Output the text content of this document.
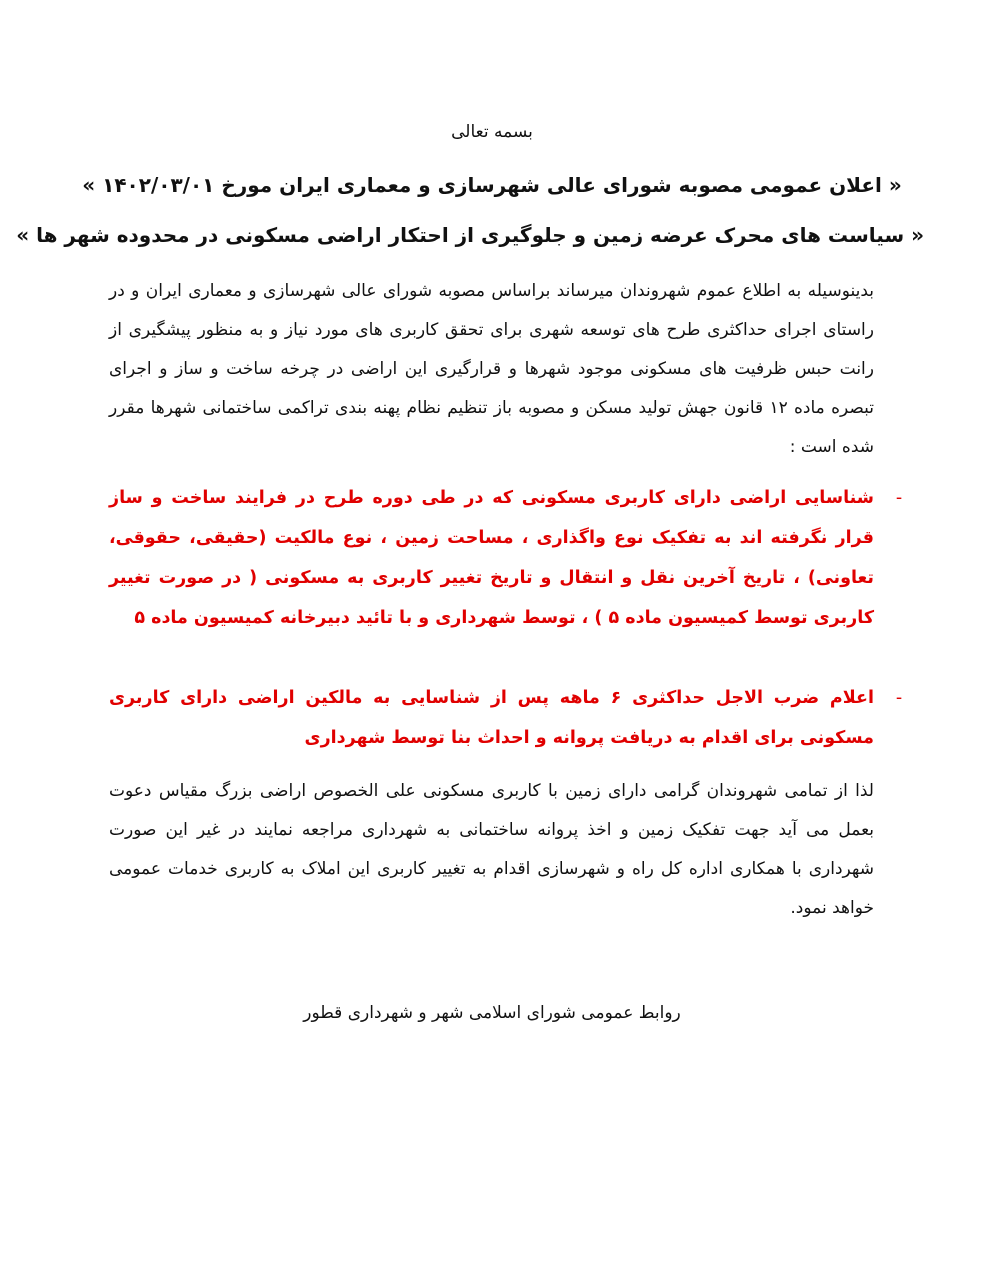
بسمه تعالی
« اعلان عمومی مصوبه شورای عالی شهرسازی و معماری ایران مورخ ۱۴۰۲/۰۳/۰۱ »
« سیاست های محرک عرضه زمین و جلوگیری از احتکار اراضی مسکونی در محدوده شهر ها »
بدینوسیله به اطلاع عموم شهروندان میرساند براساس مصوبه شورای عالی شهرسازی و معماری ایران و در راستای اجرای حداکثری طرح های توسعه شهری برای تحقق کاربری های مورد نیاز و به منظور پیشگیری از رانت حبس ظرفیت های مسکونی موجود شهرها و قرارگیری این اراضی در چرخه ساخت و ساز و اجرای تبصره ماده ۱۲ قانون جهش تولید مسکن و مصوبه باز تنظیم نظام پهنه بندی تراکمی ساختمانی شهرها مقرر شده است :
-
شناسایی اراضی دارای کاربری مسکونی که در طی دوره طرح در فرایند ساخت و ساز قرار نگرفته اند به تفکیک نوع واگذاری ، مساحت زمین ، نوع مالکیت (حقیقی، حقوقی، تعاونی) ، تاریخ آخرین نقل و انتقال و تاریخ تغییر کاربری به مسکونی ( در صورت تغییر کاربری توسط کمیسیون ماده ۵ ) ، توسط شهرداری و با تائید دبیرخانه کمیسیون ماده ۵
-
اعلام ضرب الاجل حداکثری ۶ ماهه پس از شناسایی به مالکین اراضی دارای کاربری مسکونی برای اقدام به دریافت پروانه و احداث بنا توسط شهرداری
لذا از تمامی شهروندان گرامی دارای زمین با کاربری مسکونی علی الخصوص اراضی بزرگ مقیاس دعوت بعمل می آید جهت تفکیک زمین و اخذ پروانه ساختمانی به شهرداری مراجعه نمایند در غیر این صورت شهرداری با همکاری اداره کل راه و شهرسازی اقدام به تغییر کاربری این املاک به کاربری خدمات عمومی خواهد نمود.
روابط عمومی شورای اسلامی شهر و شهرداری قطور
